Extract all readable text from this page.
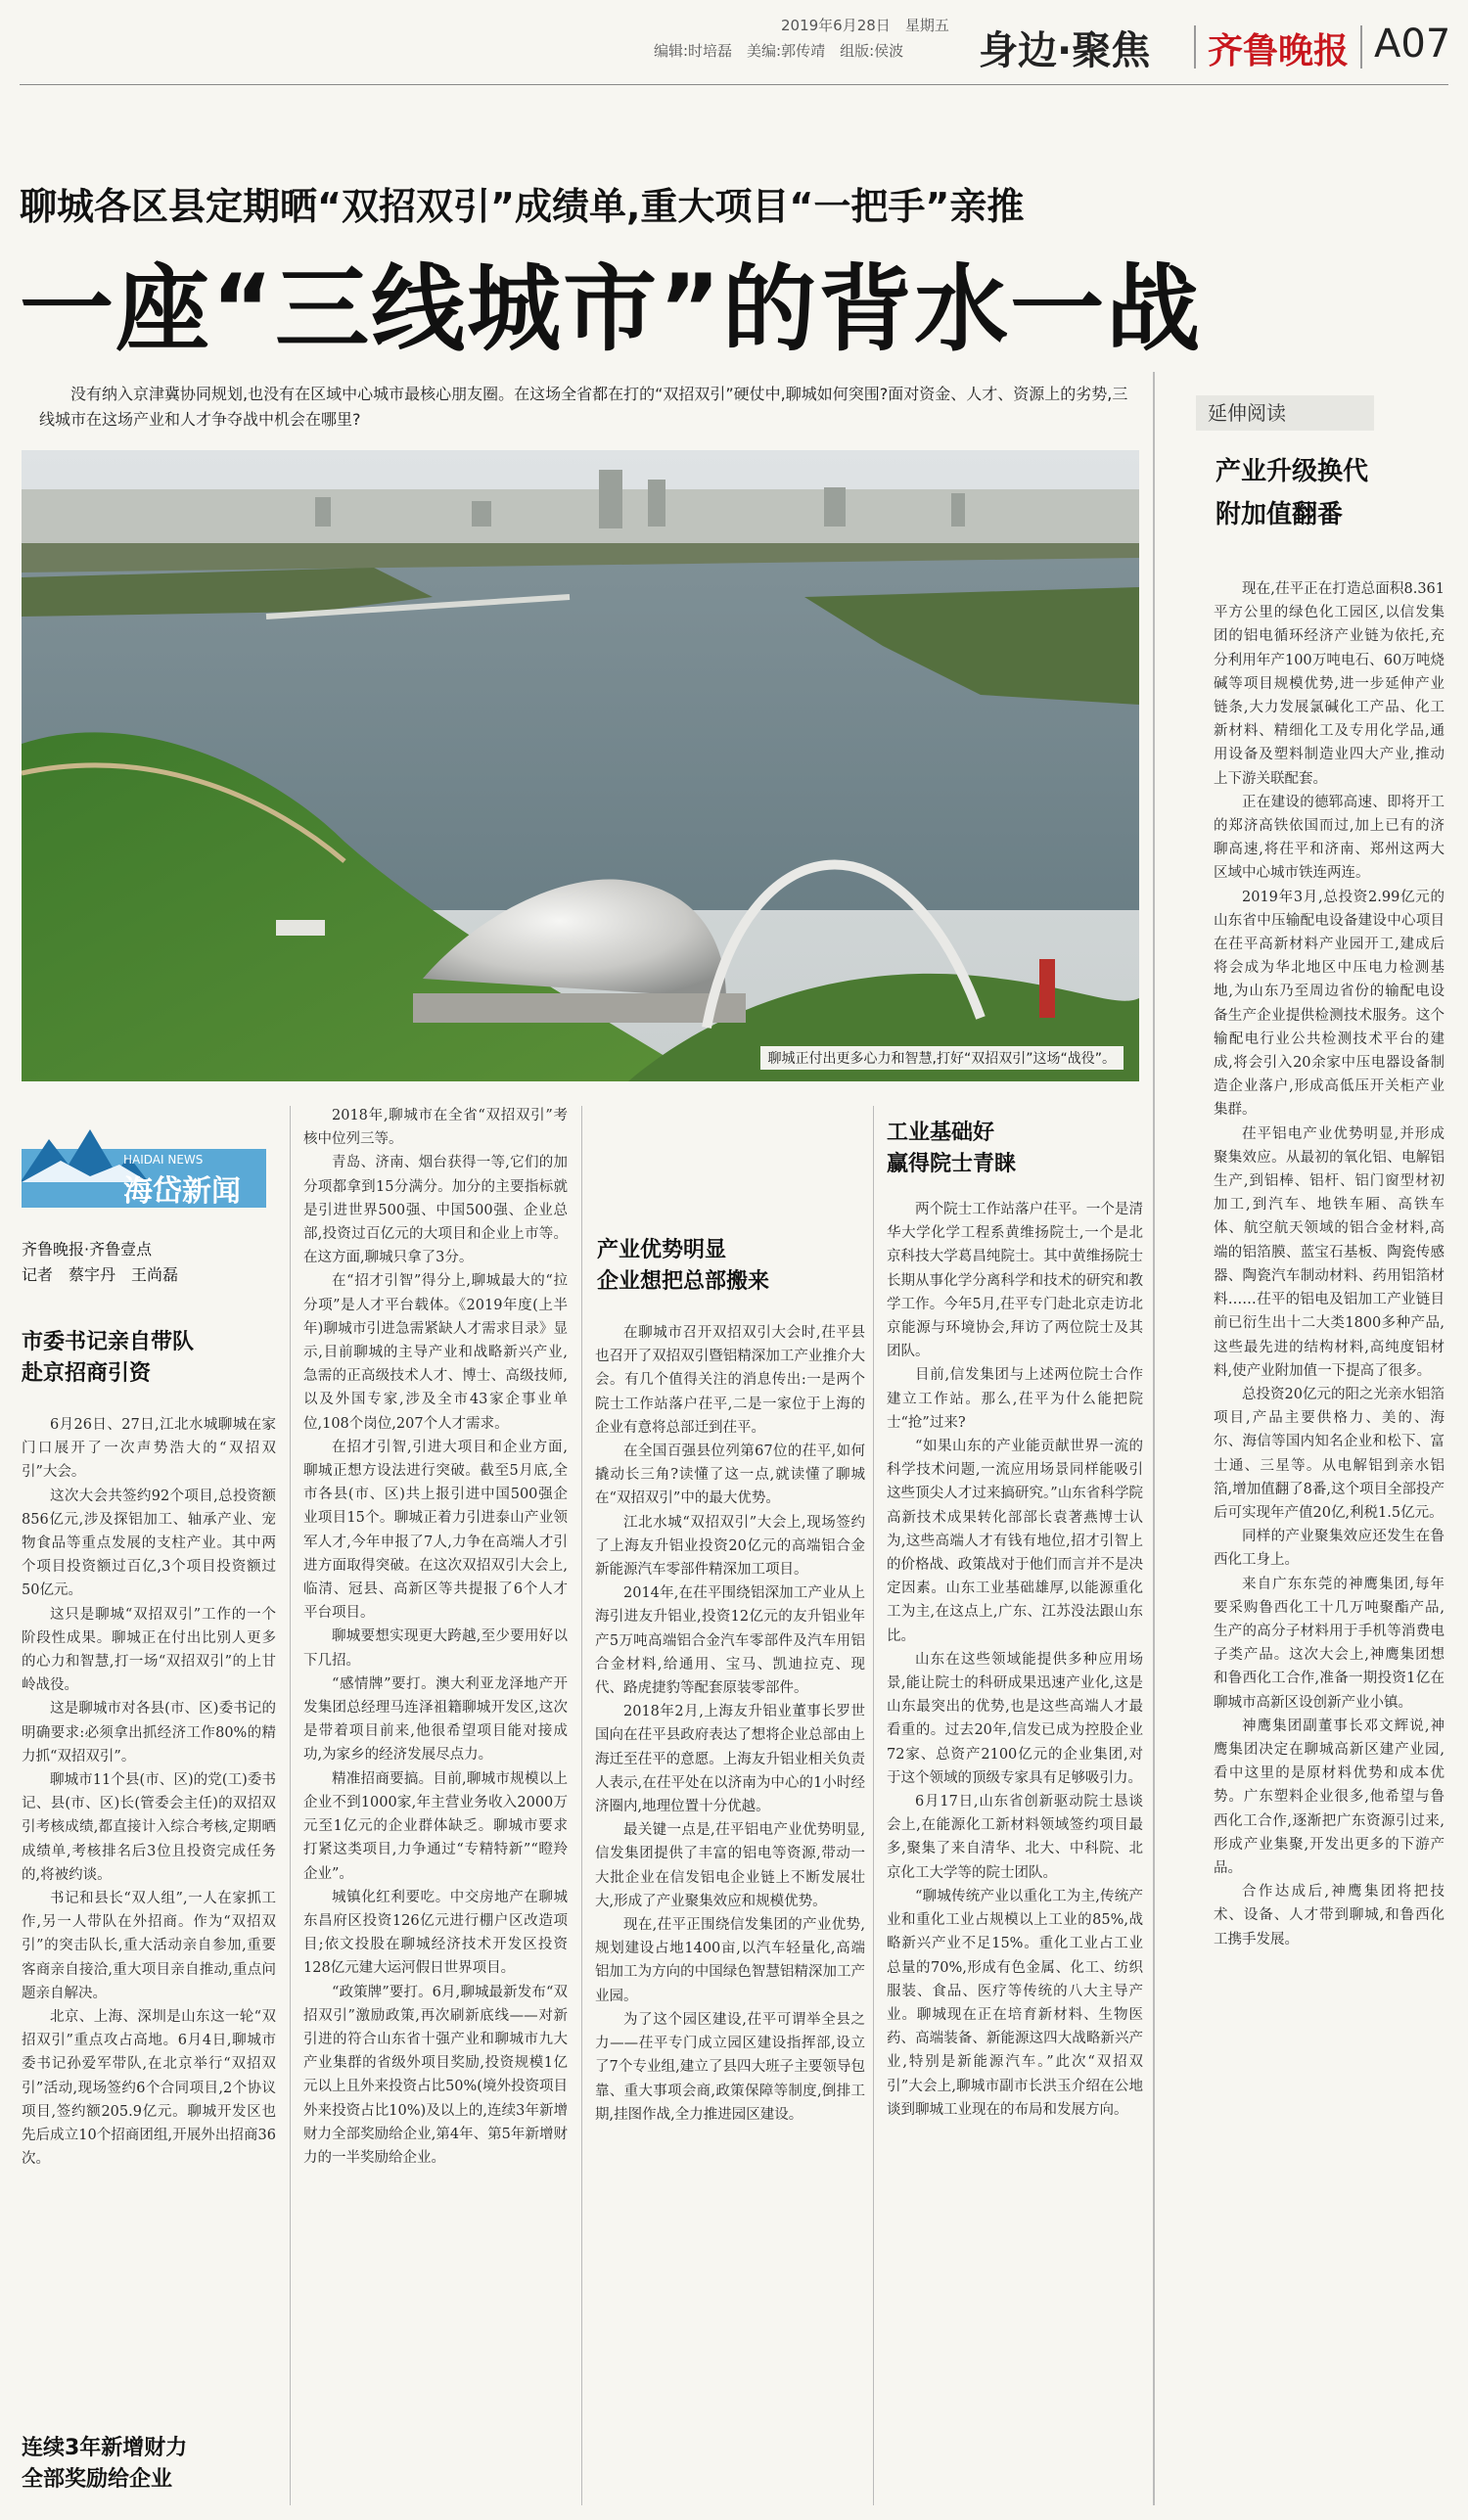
2019年6月28日　 星期五
编辑:时培磊　美编:郭传靖　组版:侯波 身边·聚焦 齐鲁晚报 A07
聊城各区县定期晒“双招双引”成绩单,重大项目“一把手”亲推
一座“三线城市”的背水一战
没有纳入京津冀协同规划,也没有在区域中心城市最核心朋友圈。在这场全省都在打的“双招双引”硬仗中,聊城如何突围?面对资金、人才、资源上的劣势,三线城市在这场产业和人才争夺战中机会在哪里?
聊城正付出更多心力和智慧,打好“双招双引”这场“战役”。
延伸阅读
产业升级换代
附加值翻番

现在,茌平正在打造总面积8.361平方公里的绿色化工园区,以信发集团的铝电循环经济产业链为依托,充分利用年产100万吨电石、60万吨烧碱等项目规模优势,进一步延伸产业链条,大力发展氯碱化工产品、化工新材料、精细化工及专用化学品,通用设备及塑料制造业四大产业,推动上下游关联配套。

正在建设的德郓高速、即将开工的郑济高铁依国而过,加上已有的济聊高速,将茌平和济南、郑州这两大区域中心城市铁连两连。

2019年3月,总投资2.99亿元的山东省中压输配电设备建设中心项目在茌平高新材料产业园开工,建成后将会成为华北地区中压电力检测基地,为山东乃至周边省份的输配电设备生产企业提供检测技术服务。这个输配电行业公共检测技术平台的建成,将会引入20余家中压电器设备制造企业落户,形成高低压开关柜产业集群。

茌平铝电产业优势明显,并形成聚集效应。从最初的氧化铝、电解铝生产,到铝棒、铝杆、铝门窗型材初加工,到汽车、地铁车厢、高铁车体、航空航天领域的铝合金材料,高端的铝箔膜、蓝宝石基板、陶瓷传感器、陶瓷汽车制动材料、药用铝箔材料……茌平的铝电及铝加工产业链目前已衍生出十二大类1800多种产品,这些最先进的结构材料,高纯度铝材料,使产业附加值一下提高了很多。

总投资20亿元的阳之光亲水铝箔项目,产品主要供格力、美的、海尔、海信等国内知名企业和松下、富士通、三星等。从电解铝到亲水铝箔,增加值翻了8番,这个项目全部投产后可实现年产值20亿,利税1.5亿元。

同样的产业聚集效应还发生在鲁西化工身上。

来自广东东莞的神鹰集团,每年要采购鲁西化工十几万吨聚酯产品,生产的高分子材料用于手机等消费电子类产品。这次大会上,神鹰集团想和鲁西化工合作,准备一期投资1亿在聊城市高新区设创新产业小镇。

神鹰集团副董事长邓文辉说,神鹰集团决定在聊城高新区建产业园,看中这里的是原材料优势和成本优势。广东塑料企业很多,他希望与鲁西化工合作,逐渐把广东资源引过来,形成产业集聚,开发出更多的下游产品。

合作达成后,神鹰集团将把技术、设备、人才带到聊城,和鲁西化工携手发展。

HAIDAI NEWS
海岱新闻
齐鲁晚报·齐鲁壹点
记者　蔡宇丹　王尚磊
市委书记亲自带队
赴京招商引资

6月26日、27日,江北水城聊城在家门口展开了一次声势浩大的“双招双引”大会。

这次大会共签约92个项目,总投资额856亿元,涉及探铝加工、轴承产业、宠物食品等重点发展的支柱产业。其中两个项目投资额过百亿,3个项目投资额过50亿元。

这只是聊城“双招双引”工作的一个阶段性成果。聊城正在付出比别人更多的心力和智慧,打一场“双招双引”的上甘岭战役。

这是聊城市对各县(市、区)委书记的明确要求:必须拿出抓经济工作80%的精力抓“双招双引”。

聊城市11个县(市、区)的党(工)委书记、县(市、区)长(管委会主任)的双招双引考核成绩,都直接计入综合考核,定期晒成绩单,考核排名后3位且投资完成任务的,将被约谈。

书记和县长“双人组”,一人在家抓工作,另一人带队在外招商。作为“双招双引”的突击队长,重大活动亲自参加,重要客商亲自接洽,重大项目亲自推动,重点问题亲自解决。

北京、上海、深圳是山东这一轮“双招双引”重点攻占高地。6月4日,聊城市委书记孙爱军带队,在北京举行“双招双引”活动,现场签约6个合同项目,2个协议项目,签约额205.9亿元。聊城开发区也先后成立10个招商团组,开展外出招商36次。

连续3年新增财力
全部奖励给企业

2018年,聊城市在全省“双招双引”考核中位列三等。

青岛、济南、烟台获得一等,它们的加分项都拿到15分满分。加分的主要指标就是引进世界500强、中国500强、企业总部,投资过百亿元的大项目和企业上市等。在这方面,聊城只拿了3分。

在“招才引智”得分上,聊城最大的“拉分项”是人才平台载体。《2019年度(上半年)聊城市引进急需紧缺人才需求目录》显示,目前聊城的主导产业和战略新兴产业,急需的正高级技术人才、博士、高级技师,以及外国专家,涉及全市43家企事业单位,108个岗位,207个人才需求。

在招才引智,引进大项目和企业方面,聊城正想方设法进行突破。截至5月底,全市各县(市、区)共上报引进中国500强企业项目15个。聊城正着力引进泰山产业领军人才,今年申报了7人,力争在高端人才引进方面取得突破。在这次双招双引大会上,临清、冠县、高新区等共提报了6个人才平台项目。

聊城要想实现更大跨越,至少要用好以下几招。

“感情牌”要打。澳大利亚龙泽地产开发集团总经理马连泽祖籍聊城开发区,这次是带着项目前来,他很希望项目能对接成功,为家乡的经济发展尽点力。

精准招商要搞。目前,聊城市规模以上企业不到1000家,年主营业务收入2000万元至1亿元的企业群体缺乏。聊城市要求打紧这类项目,力争通过“专精特新”“瞪羚企业”。

城镇化红利要吃。中交房地产在聊城东昌府区投资126亿元进行棚户区改造项目;依文投股在聊城经济技术开发区投资128亿元建大运河假日世界项目。

“政策牌”要打。6月,聊城最新发布“双招双引”激励政策,再次刷新底线——对新引进的符合山东省十强产业和聊城市九大产业集群的省级外项目奖励,投资规模1亿元以上且外来投资占比50%(境外投资项目外来投资占比10%)及以上的,连续3年新增财力全部奖励给企业,第4年、第5年新增财力的一半奖励给企业。

产业优势明显
企业想把总部搬来

在聊城市召开双招双引大会时,茌平县也召开了双招双引暨铝精深加工产业推介大会。有几个值得关注的消息传出:一是两个院士工作站落户茌平,二是一家位于上海的企业有意将总部迁到茌平。

在全国百强县位列第67位的茌平,如何撬动长三角?读懂了这一点,就读懂了聊城在“双招双引”中的最大优势。

江北水城“双招双引”大会上,现场签约了上海友升铝业投资20亿元的高端铝合金新能源汽车零部件精深加工项目。

2014年,在茌平围绕铝深加工产业从上海引进友升铝业,投资12亿元的友升铝业年产5万吨高端铝合金汽车零部件及汽车用铝合金材料,给通用、宝马、凯迪拉克、现代、路虎捷豹等配套原装零部件。

2018年2月,上海友升铝业董事长罗世国向在茌平县政府表达了想将企业总部由上海迁至茌平的意愿。上海友升铝业相关负责人表示,在茌平处在以济南为中心的1小时经济圈内,地理位置十分优越。

最关键一点是,茌平铝电产业优势明显,信发集团提供了丰富的铝电等资源,带动一大批企业在信发铝电企业链上不断发展壮大,形成了产业聚集效应和规模优势。

现在,茌平正围绕信发集团的产业优势,规划建设占地1400亩,以汽车轻量化,高端铝加工为方向的中国绿色智慧铝精深加工产业园。

为了这个园区建设,茌平可谓举全县之力——茌平专门成立园区建设指挥部,设立了7个专业组,建立了县四大班子主要领导包靠、重大事项会商,政策保障等制度,倒排工期,挂图作战,全力推进园区建设。

工业基础好
赢得院士青睐

两个院士工作站落户茌平。一个是清华大学化学工程系黄维扬院士,一个是北京科技大学葛昌纯院士。其中黄维扬院士长期从事化学分离科学和技术的研究和教学工作。今年5月,茌平专门赴北京走访北京能源与环境协会,拜访了两位院士及其团队。

目前,信发集团与上述两位院士合作建立工作站。那么,茌平为什么能把院士“抢”过来?

“如果山东的产业能贡献世界一流的科学技术问题,一流应用场景同样能吸引这些顶尖人才过来搞研究。”山东省科学院高新技术成果转化部部长袁著燕博士认为,这些高端人才有钱有地位,招才引智上的价格战、政策战对于他们而言并不是决定因素。山东工业基础雄厚,以能源重化工为主,在这点上,广东、江苏没法跟山东比。

山东在这些领域能提供多种应用场景,能让院士的科研成果迅速产业化,这是山东最突出的优势,也是这些高端人才最看重的。过去20年,信发已成为控股企业72家、总资产2100亿元的企业集团,对于这个领域的顶级专家具有足够吸引力。

6月17日,山东省创新驱动院士恳谈会上,在能源化工新材料领域签约项目最多,聚集了来自清华、北大、中科院、北京化工大学等的院士团队。

“聊城传统产业以重化工为主,传统产业和重化工业占规模以上工业的85%,战略新兴产业不足15%。重化工业占工业总量的70%,形成有色金属、化工、纺织服装、食品、医疗等传统的八大主导产业。聊城现在正在培育新材料、生物医药、高端装备、新能源这四大战略新兴产业,特别是新能源汽车。”此次“双招双引”大会上,聊城市副市长洪玉介绍在公地谈到聊城工业现在的布局和发展方向。
